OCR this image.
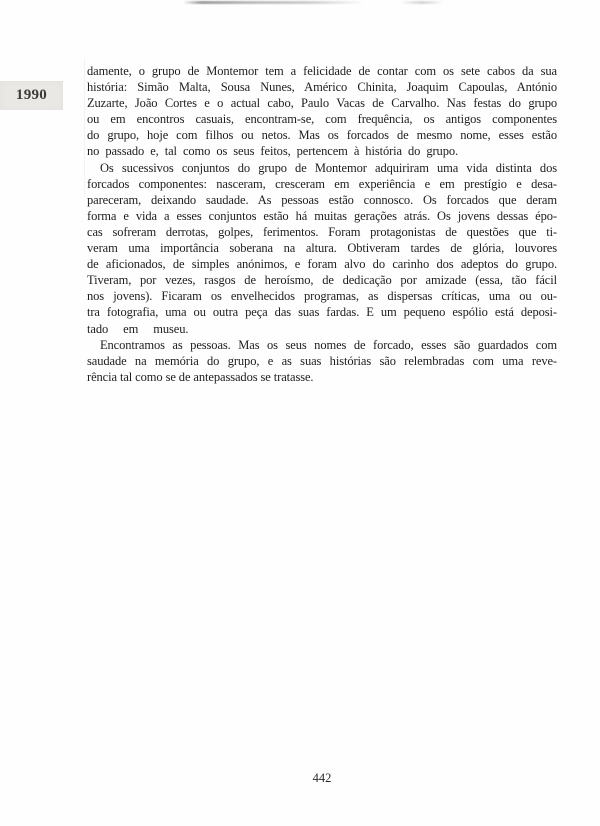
1990
damente, o grupo de Montemor tem a felicidade de contar com os sete cabos da sua
história: Simão Malta, Sousa Nunes, Américo Chinita, Joaquim Capoulas, António
Zuzarte, João Cortes e o actual cabo, Paulo Vacas de Carvalho. Nas festas do grupo
ou em encontros casuais, encontram-se, com frequência, os antigos componentes
do grupo, hoje com filhos ou netos. Mas os forcados de mesmo nome, esses estão
no passado e, tal como os seus feitos, pertencem à história do grupo.
Os sucessivos conjuntos do grupo de Montemor adquiriram uma vida distinta dos
forcados componentes: nasceram, cresceram em experiência e em prestígio e desa-
pareceram, deixando saudade. As pessoas estão connosco. Os forcados que deram
forma e vida a esses conjuntos estão há muitas gerações atrás. Os jovens dessas épo-
cas sofreram derrotas, golpes, ferimentos. Foram protagonistas de questões que ti-
veram uma importância soberana na altura. Obtiveram tardes de glória, louvores
de aficionados, de simples anónimos, e foram alvo do carinho dos adeptos do grupo.
Tiveram, por vezes, rasgos de heroísmo, de dedicação por amizade (essa, tão fácil
nos jovens). Ficaram os envelhecidos programas, as dispersas críticas, uma ou ou-
tra fotografia, uma ou outra peça das suas fardas. E um pequeno espólio está deposi-
tado em museu.
Encontramos as pessoas. Mas os seus nomes de forcado, esses são guardados com
saudade na memória do grupo, e as suas histórias são relembradas com uma reve-
rência tal como se de antepassados se tratasse.
442
